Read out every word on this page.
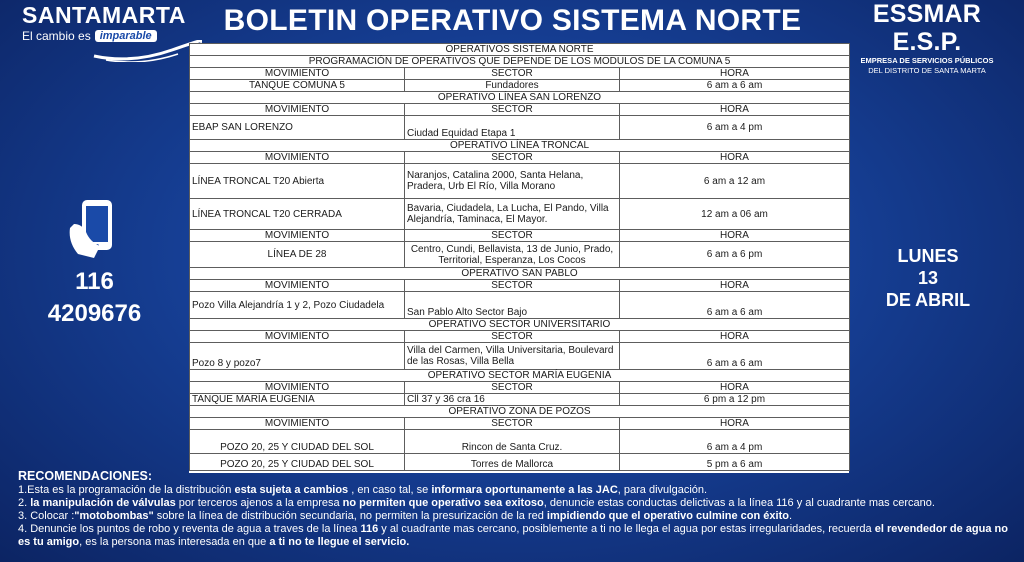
SANTAMARTA
El cambio es imparable	BOLETIN OPERATIVO SISTEMA NORTE	ESSMAR E.S.P.
EMPRESA DE SERVICIOS PÚBLICOS
DEL DISTRITO DE SANTA MARTA
116
4209676
LUNES
13
DE ABRIL
OPERATIVOS SISTEMA NORTE		
PROGRAMACIÓN DE OPERATIVOS QUE DEPENDE DE LOS MODULOS DE LA COMUNA 5		
MOVIMIENTO	SECTOR	HORA
TANQUE COMUNA 5	Fundadores	6 am a 6 am
OPERATIVO LÍNEA SAN LORENZO		
MOVIMIENTO	SECTOR	HORA
EBAP SAN LORENZO	Ciudad Equidad Etapa 1	6 am a 4 pm
OPERATIVO LÍNEA TRONCAL		
MOVIMIENTO	SECTOR	HORA
LÍNEA TRONCAL T20 Abierta	Naranjos, Catalina 2000, Santa Helana, Pradera, Urb El Río, Villa Morano	6 am a 12 am
LÍNEA TRONCAL T20 CERRADA	Bavaria, Ciudadela, La Lucha, El Pando, Villa Alejandría, Taminaca, El Mayor.	12 am a 06 am
MOVIMIENTO	SECTOR	HORA
LÍNEA DE 28	Centro, Cundi, Bellavista, 13 de Junio, Prado, Territorial, Esperanza, Los Cocos	6 am a 6 pm
OPERATIVO SAN PABLO		
MOVIMIENTO	SECTOR	HORA
Pozo Villa Alejandría 1 y 2, Pozo Ciudadela	San Pablo Alto Sector Bajo	6 am a 6 am
OPERATIVO SECTOR UNIVERSITARIO		
MOVIMIENTO	SECTOR	HORA
Pozo 8 y pozo7	Villa del Carmen, Villa Universitaria, Boulevard de las Rosas, Villa Bella	6 am a 6 am
OPERATIVO SECTOR MARÍA EUGENIA		
MOVIMIENTO	SECTOR	HORA
TANQUE MARÍA EUGENIA	Cll 37 y 36 cra 16	6 pm a 12 pm
OPERATIVO ZONA DE POZOS		
MOVIMIENTO	SECTOR	HORA
POZO 20, 25 Y CIUDAD DEL SOL	Rincon de Santa Cruz.	6 am a 4 pm
POZO 20, 25 Y CIUDAD DEL SOL	Torres de Mallorca	5 pm a 6 am
RECOMENDACIONES:

1.Esta es la programación de la distribución esta sujeta a cambios , en caso tal, se informara oportunamente a las JAC, para divulgación.

2. la manipulación de válvulas por terceros ajenos a la empresa no permiten que operativo sea exitoso, denuncie estas conductas delictivas a la línea 116 y al cuadrante mas cercano.

3. Colocar :"motobombas" sobre la línea de distribución secundaria, no permiten la presurización de la red impidiendo que el operativo culmine con éxito.

4. Denuncie los puntos de robo y reventa de agua a traves de la línea 116 y al cuadrante mas cercano, posiblemente a ti no le llega el agua por estas irregularidades, recuerda el revendedor de agua no es tu amigo, es la persona mas interesada en que a ti no te llegue el servicio.
